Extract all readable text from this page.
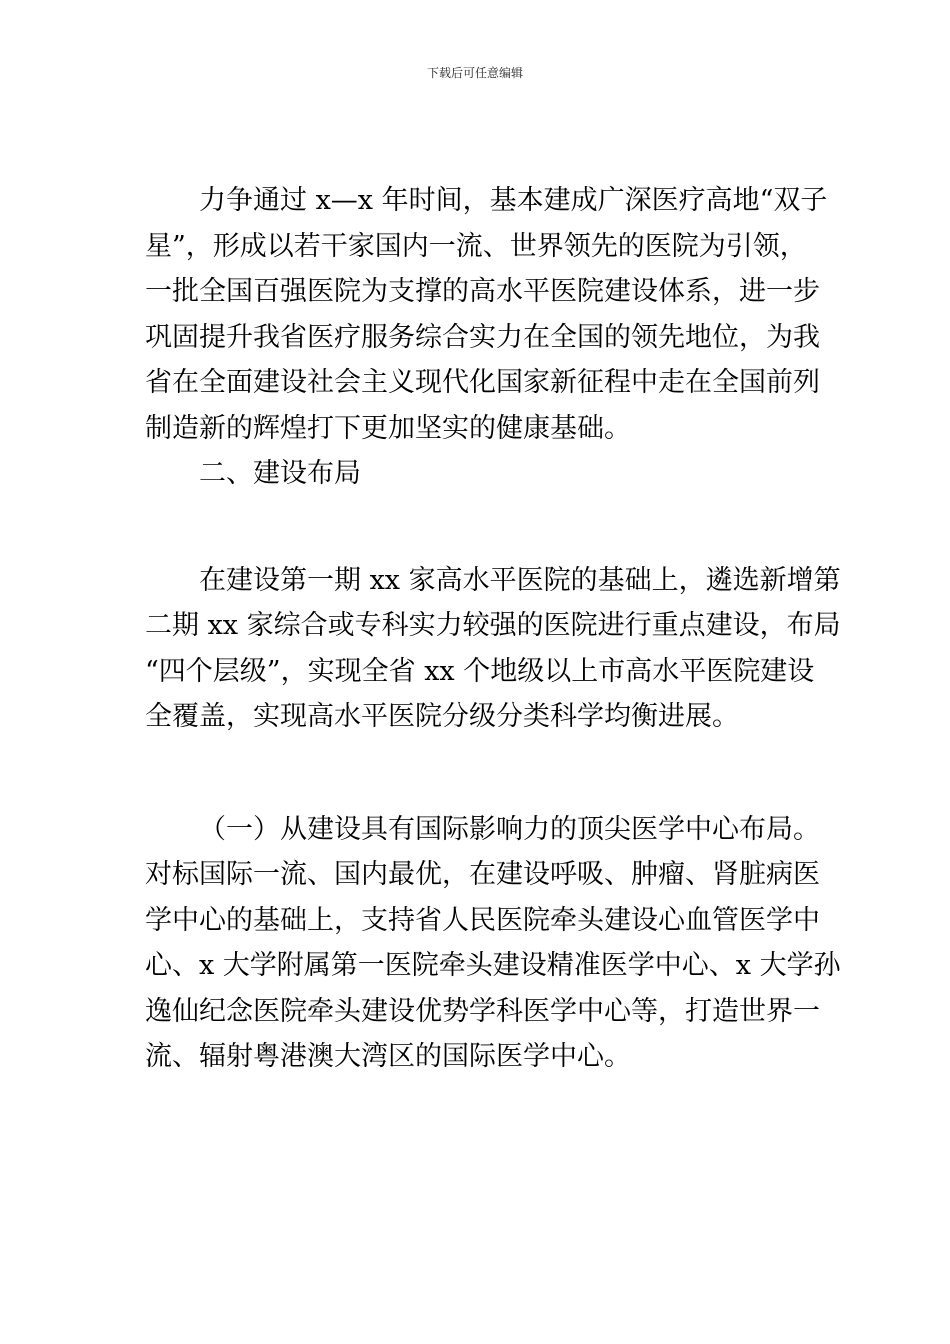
下载后可任意编辑

力争通过 x—x 年时间，基本建成广深医疗高地“双子
星”，形成以若干家国内一流、世界领先的医院为引领，
一批全国百强医院为支撑的高水平医院建设体系，进一步
巩固提升我省医疗服务综合实力在全国的领先地位，为我
省在全面建设社会主义现代化国家新征程中走在全国前列
制造新的辉煌打下更加坚实的健康基础。

二、建设布局

在建设第一期 xx 家高水平医院的基础上，遴选新增第
二期 xx 家综合或专科实力较强的医院进行重点建设，布局
“四个层级”，实现全省 xx 个地级以上市高水平医院建设
全覆盖，实现高水平医院分级分类科学均衡进展。

（一）从建设具有国际影响力的顶尖医学中心布局。
对标国际一流、国内最优，在建设呼吸、肿瘤、肾脏病医
学中心的基础上，支持省人民医院牵头建设心血管医学中
心、x 大学附属第一医院牵头建设精准医学中心、x 大学孙
逸仙纪念医院牵头建设优势学科医学中心等，打造世界一
流、辐射粤港澳大湾区的国际医学中心。
